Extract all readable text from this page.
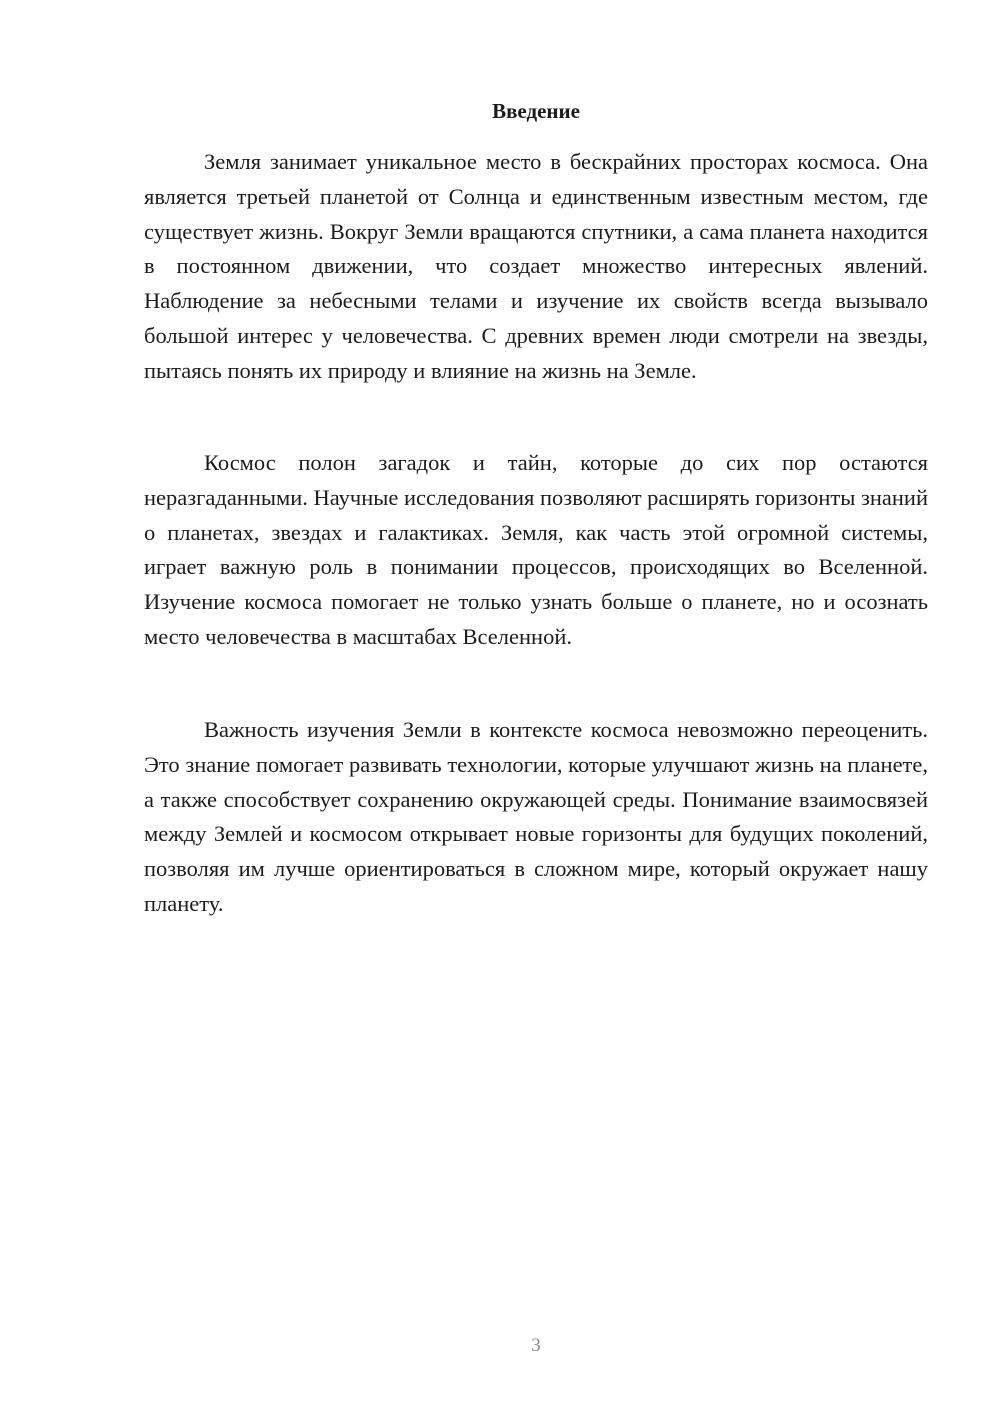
Введение

Земля занимает уникальное место в бескрайних просторах космоса. Она является третьей планетой от Солнца и единственным известным местом, где существует жизнь. Вокруг Земли вращаются спутники, а сама планета находится в постоянном движении, что создает множество интересных явлений. Наблюдение за небесными телами и изучение их свойств всегда вызывало большой интерес у человечества. С древних времен люди смотрели на звезды, пытаясь понять их природу и влияние на жизнь на Земле.

Космос полон загадок и тайн, которые до сих пор остаются неразгаданными. Научные исследования позволяют расширять горизонты знаний о планетах, звездах и галактиках. Земля, как часть этой огромной системы, играет важную роль в понимании процессов, происходящих во Вселенной. Изучение космоса помогает не только узнать больше о планете, но и осознать место человечества в масштабах Вселенной.

Важность изучения Земли в контексте космоса невозможно переоценить. Это знание помогает развивать технологии, которые улучшают жизнь на планете, а также способствует сохранению окружающей среды. Понимание взаимосвязей между Землей и космосом открывает новые горизонты для будущих поколений, позволяя им лучше ориентироваться в сложном мире, который окружает нашу планету.

3
